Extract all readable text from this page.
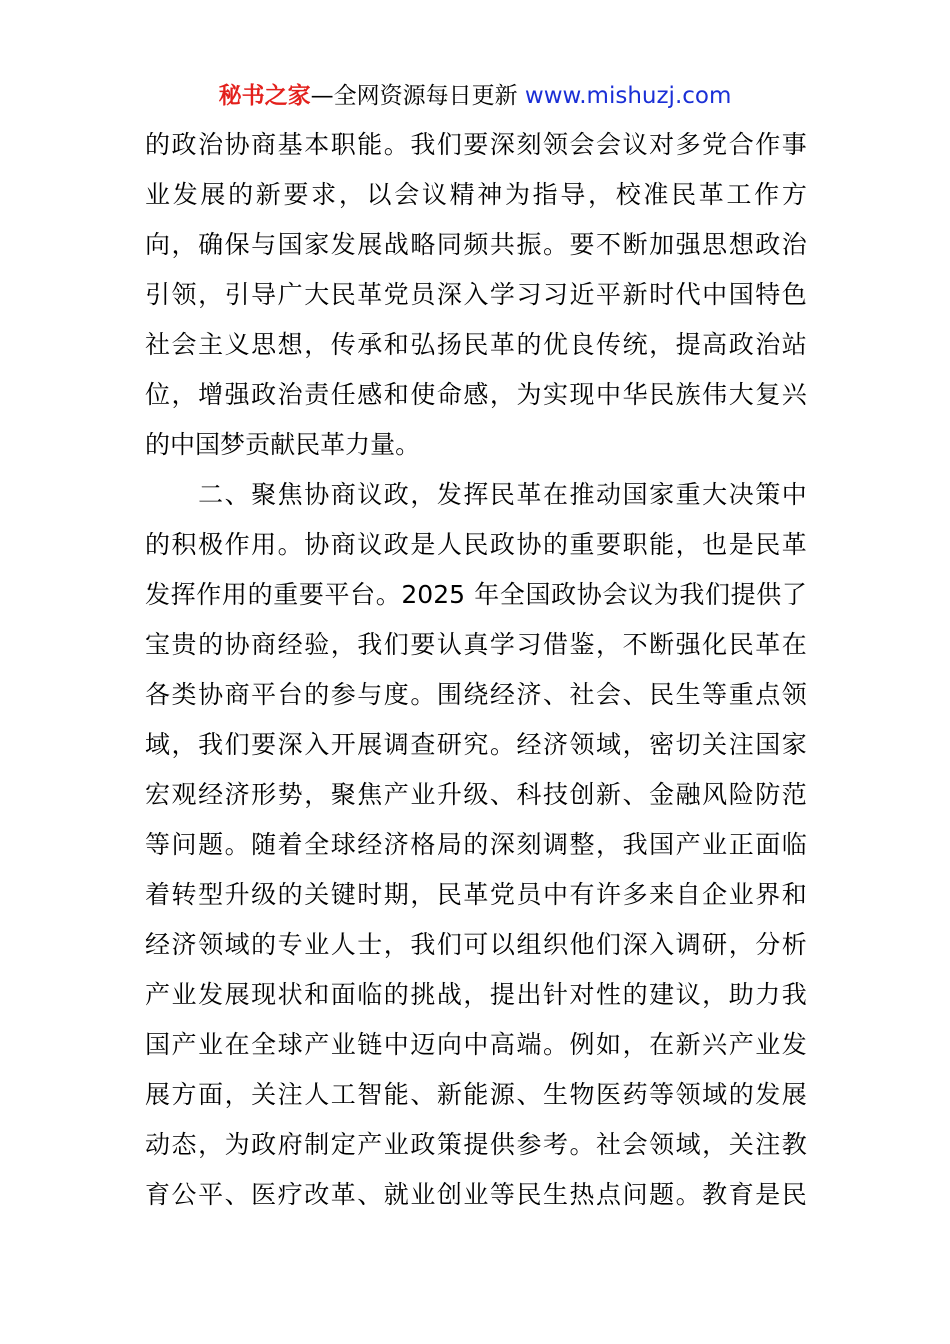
秘书之家—全网资源每日更新 www.mishuzj.com
的 政 治 协 商 基 本 职 能 。 我 们 要 深 刻 领 会 会 议 对 多 党 合 作 事
业 发 展 的 新 要 求 ， 以 会 议 精 神 为 指 导 ， 校 准 民 革 工 作 方
向 ， 确 保 与 国 家 发 展 战 略 同 频 共 振 。 要 不 断 加 强 思 想 政 治
引 领 ， 引 导 广 大 民 革 党 员 深 入 学 习 习 近 平 新 时 代 中 国 特 色
社 会 主 义 思 想 ， 传 承 和 弘 扬 民 革 的 优 良 传 统 ， 提 高 政 治 站
位 ， 增 强 政 治 责 任 感 和 使 命 感 ， 为 实 现 中 华 民 族 伟 大 复 兴
的 中 国 梦 贡 献 民 革 力 量 。

二 、 聚 焦 协 商 议 政 ， 发 挥 民 革 在 推 动 国 家 重 大 决 策 中
的 积 极 作 用 。 协 商 议 政 是 人 民 政 协 的 重 要 职 能 ， 也 是 民 革
发 挥 作 用 的 重 要 平 台 。 2025
年 全 国 政 协 会 议 为 我 们 提 供 了
宝 贵 的 协 商 经 验 ， 我 们 要 认 真 学 习 借 鉴 ， 不 断 强 化 民 革 在
各 类 协 商 平 台 的 参 与 度 。 围 绕 经 济 、 社 会 、 民 生 等 重 点 领
域 ， 我 们 要 深 入 开 展 调 查 研 究 。 经 济 领 域 ， 密 切 关 注 国 家
宏 观 经 济 形 势 ， 聚 焦 产 业 升 级 、 科 技 创 新 、 金 融 风 险 防 范
等 问 题 。 随 着 全 球 经 济 格 局 的 深 刻 调 整 ， 我 国 产 业 正 面 临
着 转 型 升 级 的 关 键 时 期 ， 民 革 党 员 中 有 许 多 来 自 企 业 界 和
经 济 领 域 的 专 业 人 士 ， 我 们 可 以 组 织 他 们 深 入 调 研 ， 分 析
产 业 发 展 现 状 和 面 临 的 挑 战 ， 提 出 针 对 性 的 建 议 ， 助 力 我
国 产 业 在 全 球 产 业 链 中 迈 向 中 高 端 。 例 如 ， 在 新 兴 产 业 发
展 方 面 ， 关 注 人 工 智 能 、 新 能 源 、 生 物 医 药 等 领 域 的 发 展
动 态 ， 为 政 府 制 定 产 业 政 策 提 供 参 考 。 社 会 领 域 ， 关 注 教
育 公 平 、 医 疗 改 革 、 就 业 创 业 等 民 生 热 点 问 题 。 教 育 是 民
